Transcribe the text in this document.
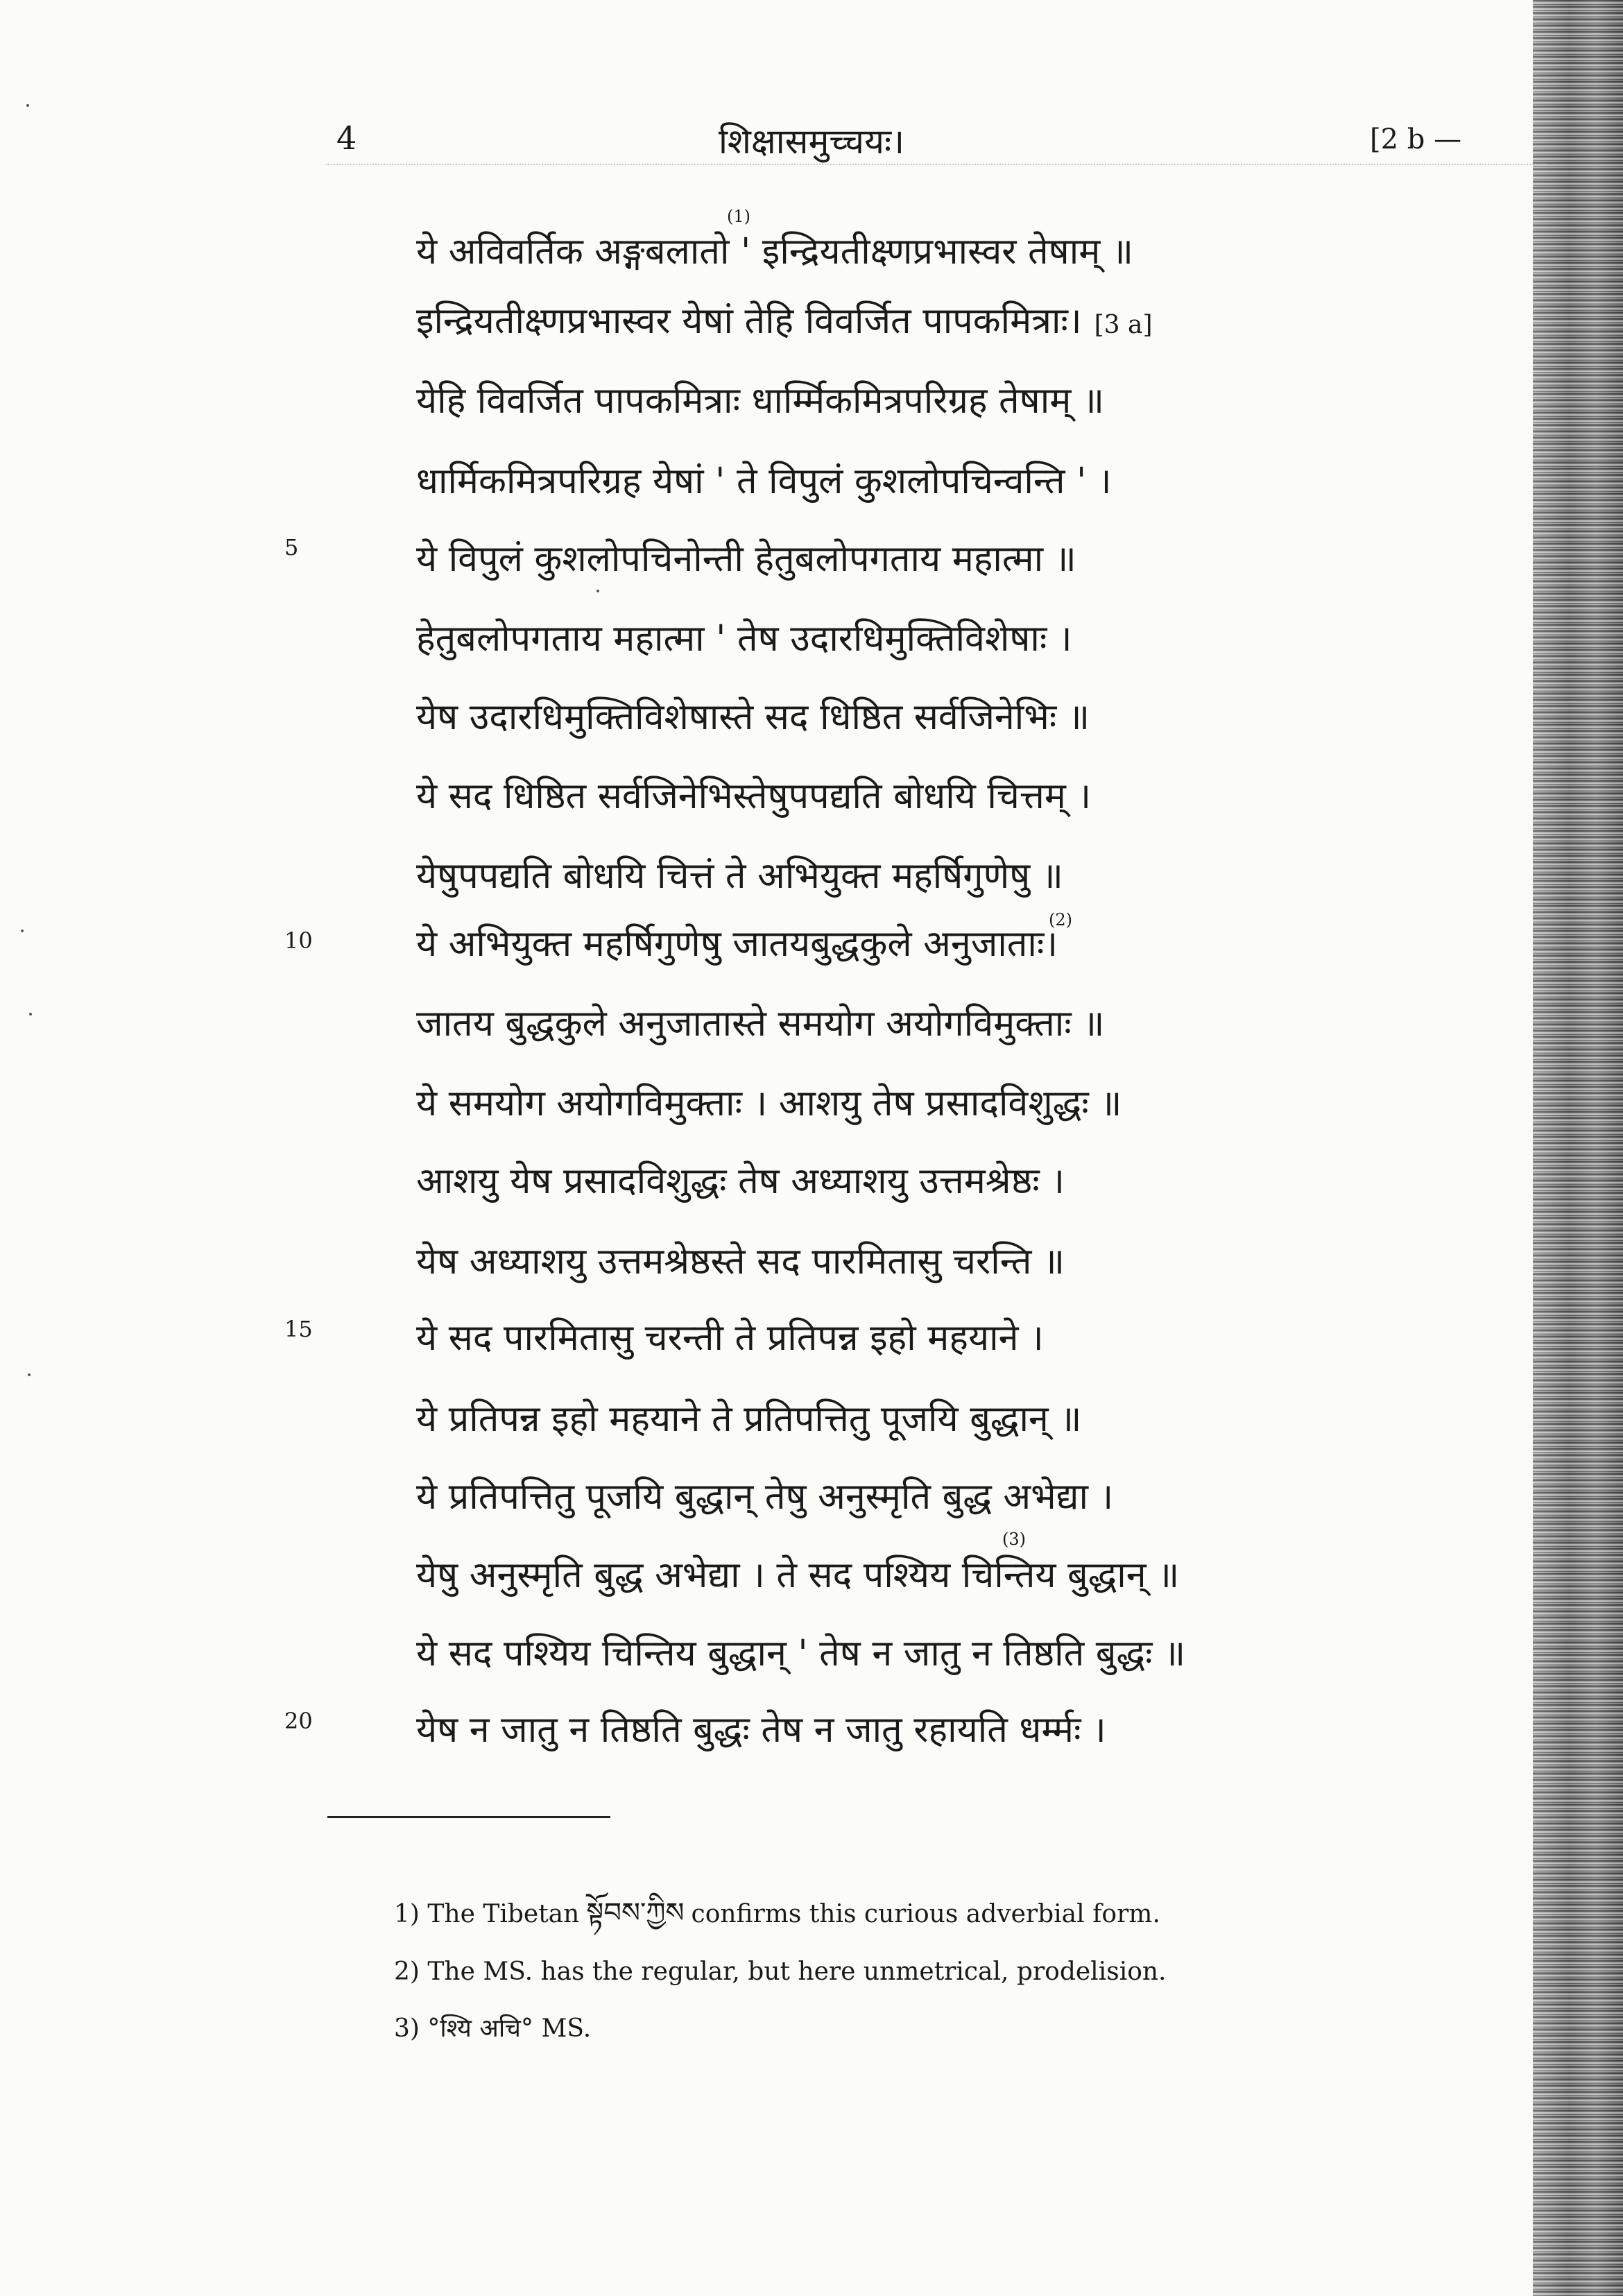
4	शिक्षासमुच्चयः।	[2 b —
ये अविवर्तिक अङ्गबलातो ' इन्द्रियतीक्ष्णप्रभास्वर तेषाम् ॥
(1)
इन्द्रियतीक्ष्णप्रभास्वर येषां तेहि विवर्जित पापकमित्राः। [3 a]
येहि विवर्जित पापकमित्राः धार्म्मिकमित्रपरिग्रह तेषाम् ॥
धार्मिकमित्रपरिग्रह येषां ' ते विपुलं कुशलोपचिन्वन्ति ' ।
ये विपुलं कुशलोपचिनोन्ती हेतुबलोपगताय महात्मा ॥
5
हेतुबलोपगताय महात्मा ' तेष उदारधिमुक्तिविशेषाः ।
येष उदारधिमुक्तिविशेषास्ते सद धिष्ठित सर्वजिनेभिः ॥
ये सद धिष्ठित सर्वजिनेभिस्तेषुपपद्यति बोधयि चित्तम् ।
येषुपपद्यति बोधयि चित्तं ते अभियुक्त महर्षिगुणेषु ॥
ये अभियुक्त महर्षिगुणेषु जातयबुद्धकुले अनुजाताः।
10
(2)
जातय बुद्धकुले अनुजातास्ते समयोग अयोगविमुक्ताः ॥
ये समयोग अयोगविमुक्ताः । आशयु तेष प्रसादविशुद्धः ॥
आशयु येष प्रसादविशुद्धः तेष अध्याशयु उत्तमश्रेष्ठः ।
येष अध्याशयु उत्तमश्रेष्ठस्ते सद पारमितासु चरन्ति ॥
ये सद पारमितासु चरन्ती ते प्रतिपन्न इहो महयाने ।
15
ये प्रतिपन्न इहो महयाने ते प्रतिपत्तितु पूजयि बुद्धान् ॥
ये प्रतिपत्तितु पूजयि बुद्धान् तेषु अनुस्मृति बुद्ध अभेद्या ।
येषु अनुस्मृति बुद्ध अभेद्या । ते सद पश्यिय चिन्तिय बुद्धान् ॥
(3)
ये सद पश्यिय चिन्तिय बुद्धान् ' तेष न जातु न तिष्ठति बुद्धः ॥
येष न जातु न तिष्ठति बुद्धः तेष न जातु रहायति धर्म्मः ।
20
1) The Tibetan སྟོབས་ཀྱིས confirms this curious adverbial form.
2) The MS. has the regular, but here unmetrical, prodelision.
3) °श्यि अचि° MS.
